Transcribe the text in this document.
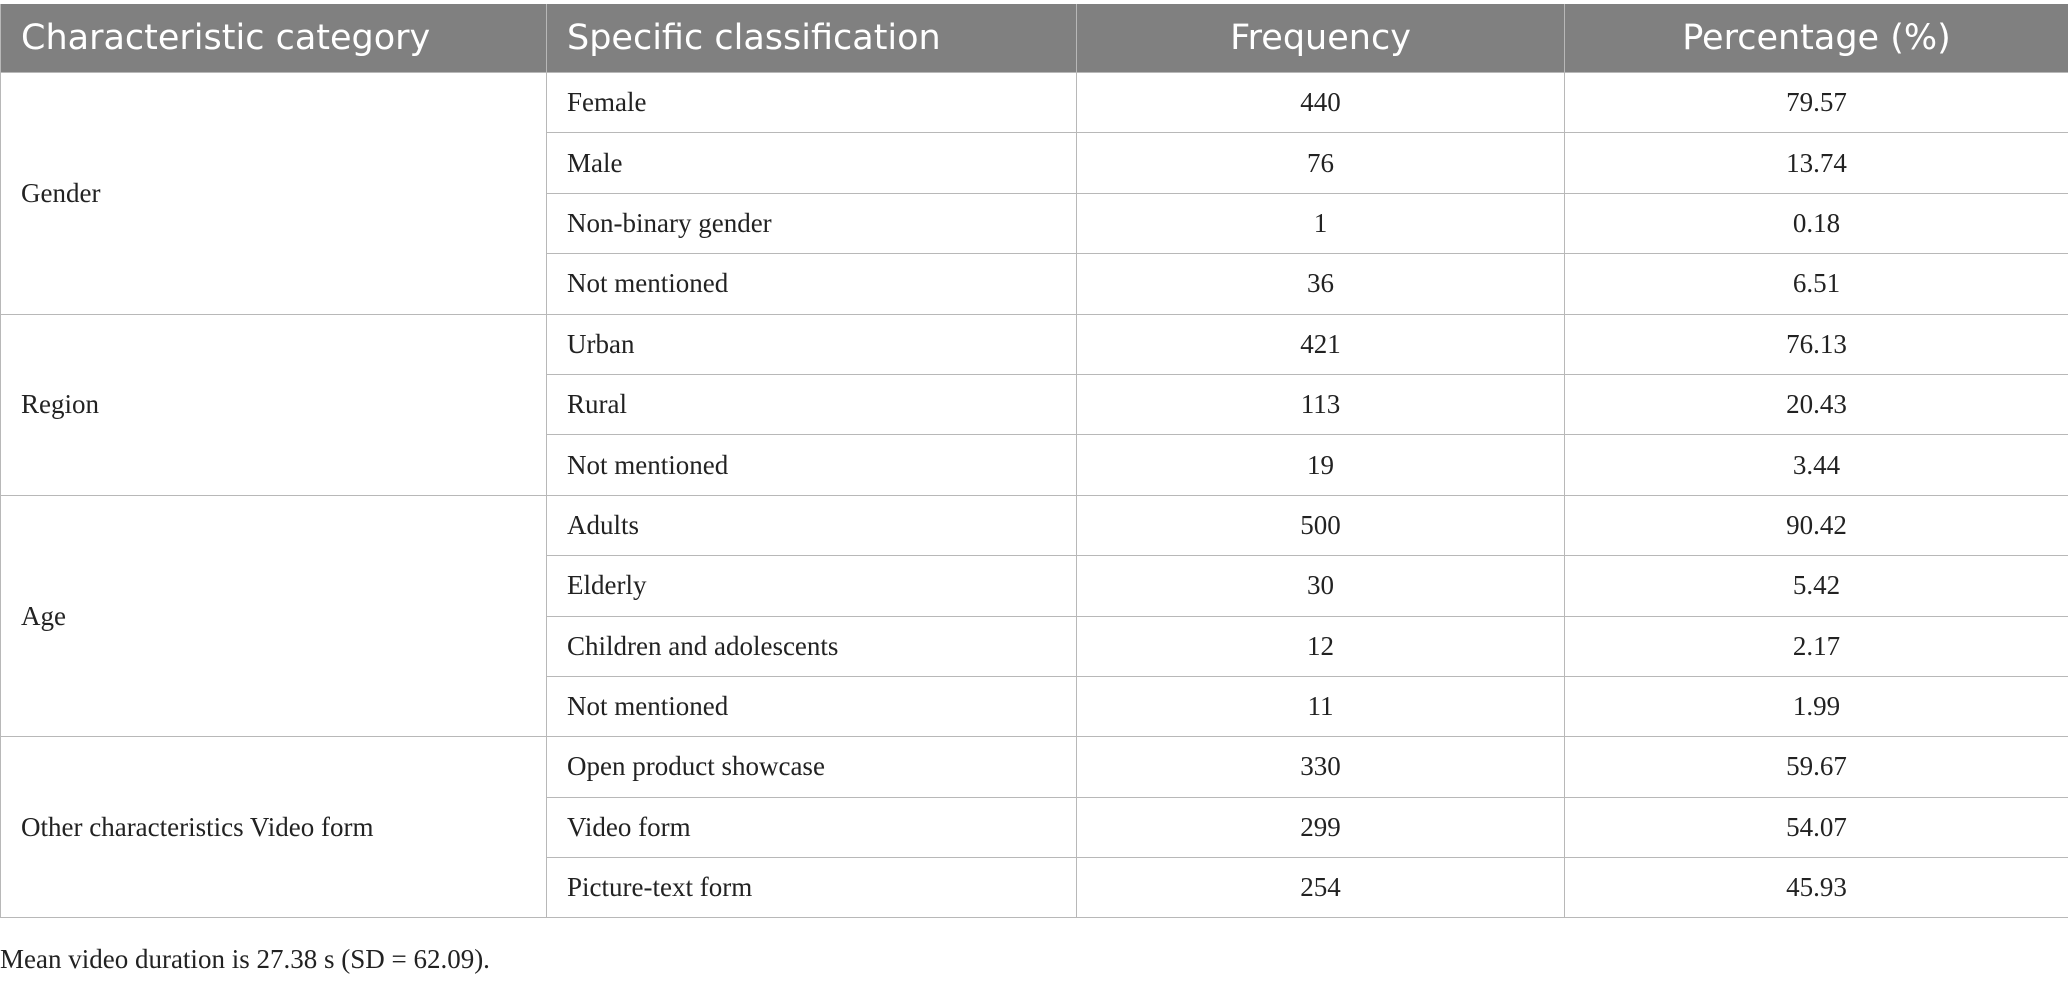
Characteristic category	Specific classification	Frequency	Percentage (%)
Gender	Female	440	79.57
	Male	76	13.74
	Non-binary gender	1	0.18
	Not mentioned	36	6.51
Region	Urban	421	76.13
	Rural	113	20.43
	Not mentioned	19	3.44
Age	Adults	500	90.42
	Elderly	30	5.42
	Children and adolescents	12	2.17
	Not mentioned	11	1.99
Other characteristics Video form	Open product showcase	330	59.67
	Video form	299	54.07
	Picture-text form	254	45.93
Mean video duration is 27.38 s (SD = 62.09).
